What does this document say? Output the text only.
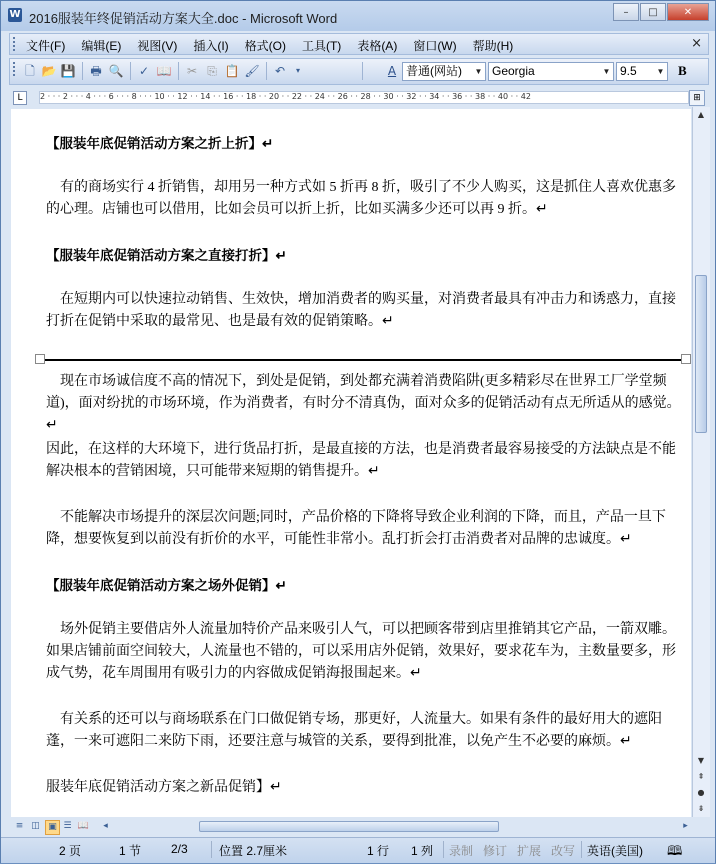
W 2016服装年终促销活动方案大全.doc - Microsoft Word	–	□	✕
文件(F) 编辑(E) 视图(V) 插入(I) 格式(O) 工具(T) 表格(A) 窗口(W) 帮助(H)	×
🗋 📂 💾 🖶 🔍 ✓ 📖 ✂ ⎘ 📋 🖌 ↶	▾	A 普通(网站)	▼ Georgia	▼ 9.5	▼ B
L	2 · · · 2 · · · 4 · · · 6 · · · 8 · · · 10 · · 12 · · 14 · · 16 · · 18 · · 20 · · 22 · · 24 · · 26 · · 28 · · 30 · · 32 · · 34 · · 36 · · 38 · · 40 · · 42	⊞
【服装年底促销活动方案之折上折】↵
有的商场实行 4 折销售，却用另一种方式如 5 折再 8 折，吸引了不少人购买，这是抓住人喜欢优惠多的心理。店铺也可以借用，比如会员可以折上折，比如买满多少还可以再 9 折。↵
【服装年底促销活动方案之直接打折】↵
在短期内可以快速拉动销售、生效快，增加消费者的购买量，对消费者最具有冲击力和诱惑力，直接打折在促销中采取的最常见、也是最有效的促销策略。↵
现在市场诚信度不高的情况下，到处是促销，到处都充满着消费陷阱(更多精彩尽在世界工厂学堂频道)，面对纷扰的市场环境，作为消费者，有时分不清真伪，面对众多的促销活动有点无所适从的感觉。↵
因此，在这样的大环境下，进行货品打折，是最直接的方法，也是消费者最容易接受的方法缺点是不能解决根本的营销困境，只可能带来短期的销售提升。↵
不能解决市场提升的深层次问题;同时，产品价格的下降将导致企业利润的下降，而且，产品一旦下降，想要恢复到以前没有折价的水平，可能性非常小。乱打折会打击消费者对品牌的忠诚度。↵
【服装年底促销活动方案之场外促销】↵
场外促销主要借店外人流量加特价产品来吸引人气，可以把顾客带到店里推销其它产品，一箭双雕。如果店铺前面空间较大，人流量也不错的，可以采用店外促销，效果好，要求花车为，主数量要多，形成气势，花车周围用有吸引力的内容做成促销海报围起来。↵
有关系的还可以与商场联系在门口做促销专场，那更好，人流量大。如果有条件的最好用大的遮阳蓬，一来可遮阳二来防下雨，还要注意与城管的关系，要得到批准，以免产生不必要的麻烦。↵
服装年底促销活动方案之新品促销】↵
▲
▼
⇞
●
⇟
≡ ◫ ▣ ☰ 📖	◂	▸
2 页	1 节 2/3	位置 2.7厘米	1 行 1 列 录制 修订 扩展 改写 英语(美国) 🕮
